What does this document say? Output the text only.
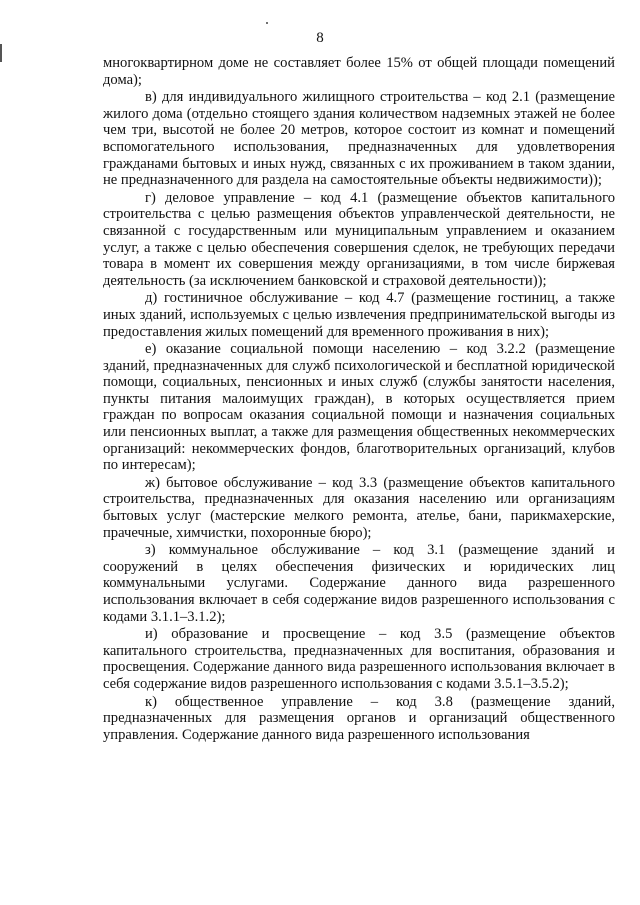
8

многоквартирном доме не составляет более 15% от общей площади помещений дома);

в) для индивидуального жилищного строительства – код 2.1 (размещение жилого дома (отдельно стоящего здания количеством надземных этажей не более чем три, высотой не более 20 метров, которое состоит из комнат и помещений вспомогательного использования, предназначенных для удовлетворения гражданами бытовых и иных нужд, связанных с их проживанием в таком здании, не предназначенного для раздела на самостоятельные объекты недвижимости));

г) деловое управление – код 4.1 (размещение объектов капитального строительства с целью размещения объектов управленческой деятельности, не связанной с государственным или муниципальным управлением и оказанием услуг, а также с целью обеспечения совершения сделок, не требующих передачи товара в момент их совершения между организациями, в том числе биржевая деятельность (за исключением банковской и страховой деятельности));

д) гостиничное обслуживание – код 4.7 (размещение гостиниц, а также иных зданий, используемых с целью извлечения предпринимательской выгоды из предоставления жилых помещений для временного проживания в них);

е) оказание социальной помощи населению – код 3.2.2 (размещение зданий, предназначенных для служб психологической и бесплатной юридической помощи, социальных, пенсионных и иных служб (службы занятости населения, пункты питания малоимущих граждан), в которых осуществляется прием граждан по вопросам оказания социальной помощи и назначения социальных или пенсионных выплат, а также для размещения общественных некоммерческих организаций: некоммерческих фондов, благотворительных организаций, клубов по интересам);

ж) бытовое обслуживание – код 3.3 (размещение объектов капитального строительства, предназначенных для оказания населению или организациям бытовых услуг (мастерские мелкого ремонта, ателье, бани, парикмахерские, прачечные, химчистки, похоронные бюро);

з) коммунальное обслуживание – код 3.1 (размещение зданий и сооружений в целях обеспечения физических и юридических лиц коммунальными услугами. Содержание данного вида разрешенного использования включает в себя содержание видов разрешенного использования с кодами 3.1.1–3.1.2);

и) образование и просвещение – код 3.5 (размещение объектов капитального строительства, предназначенных для воспитания, образования и просвещения. Содержание данного вида разрешенного использования включает в себя содержание видов разрешенного использования с кодами 3.5.1–3.5.2);

к) общественное управление – код 3.8 (размещение зданий, предназначенных для размещения органов и организаций общественного управления. Содержание данного вида разрешенного использования
